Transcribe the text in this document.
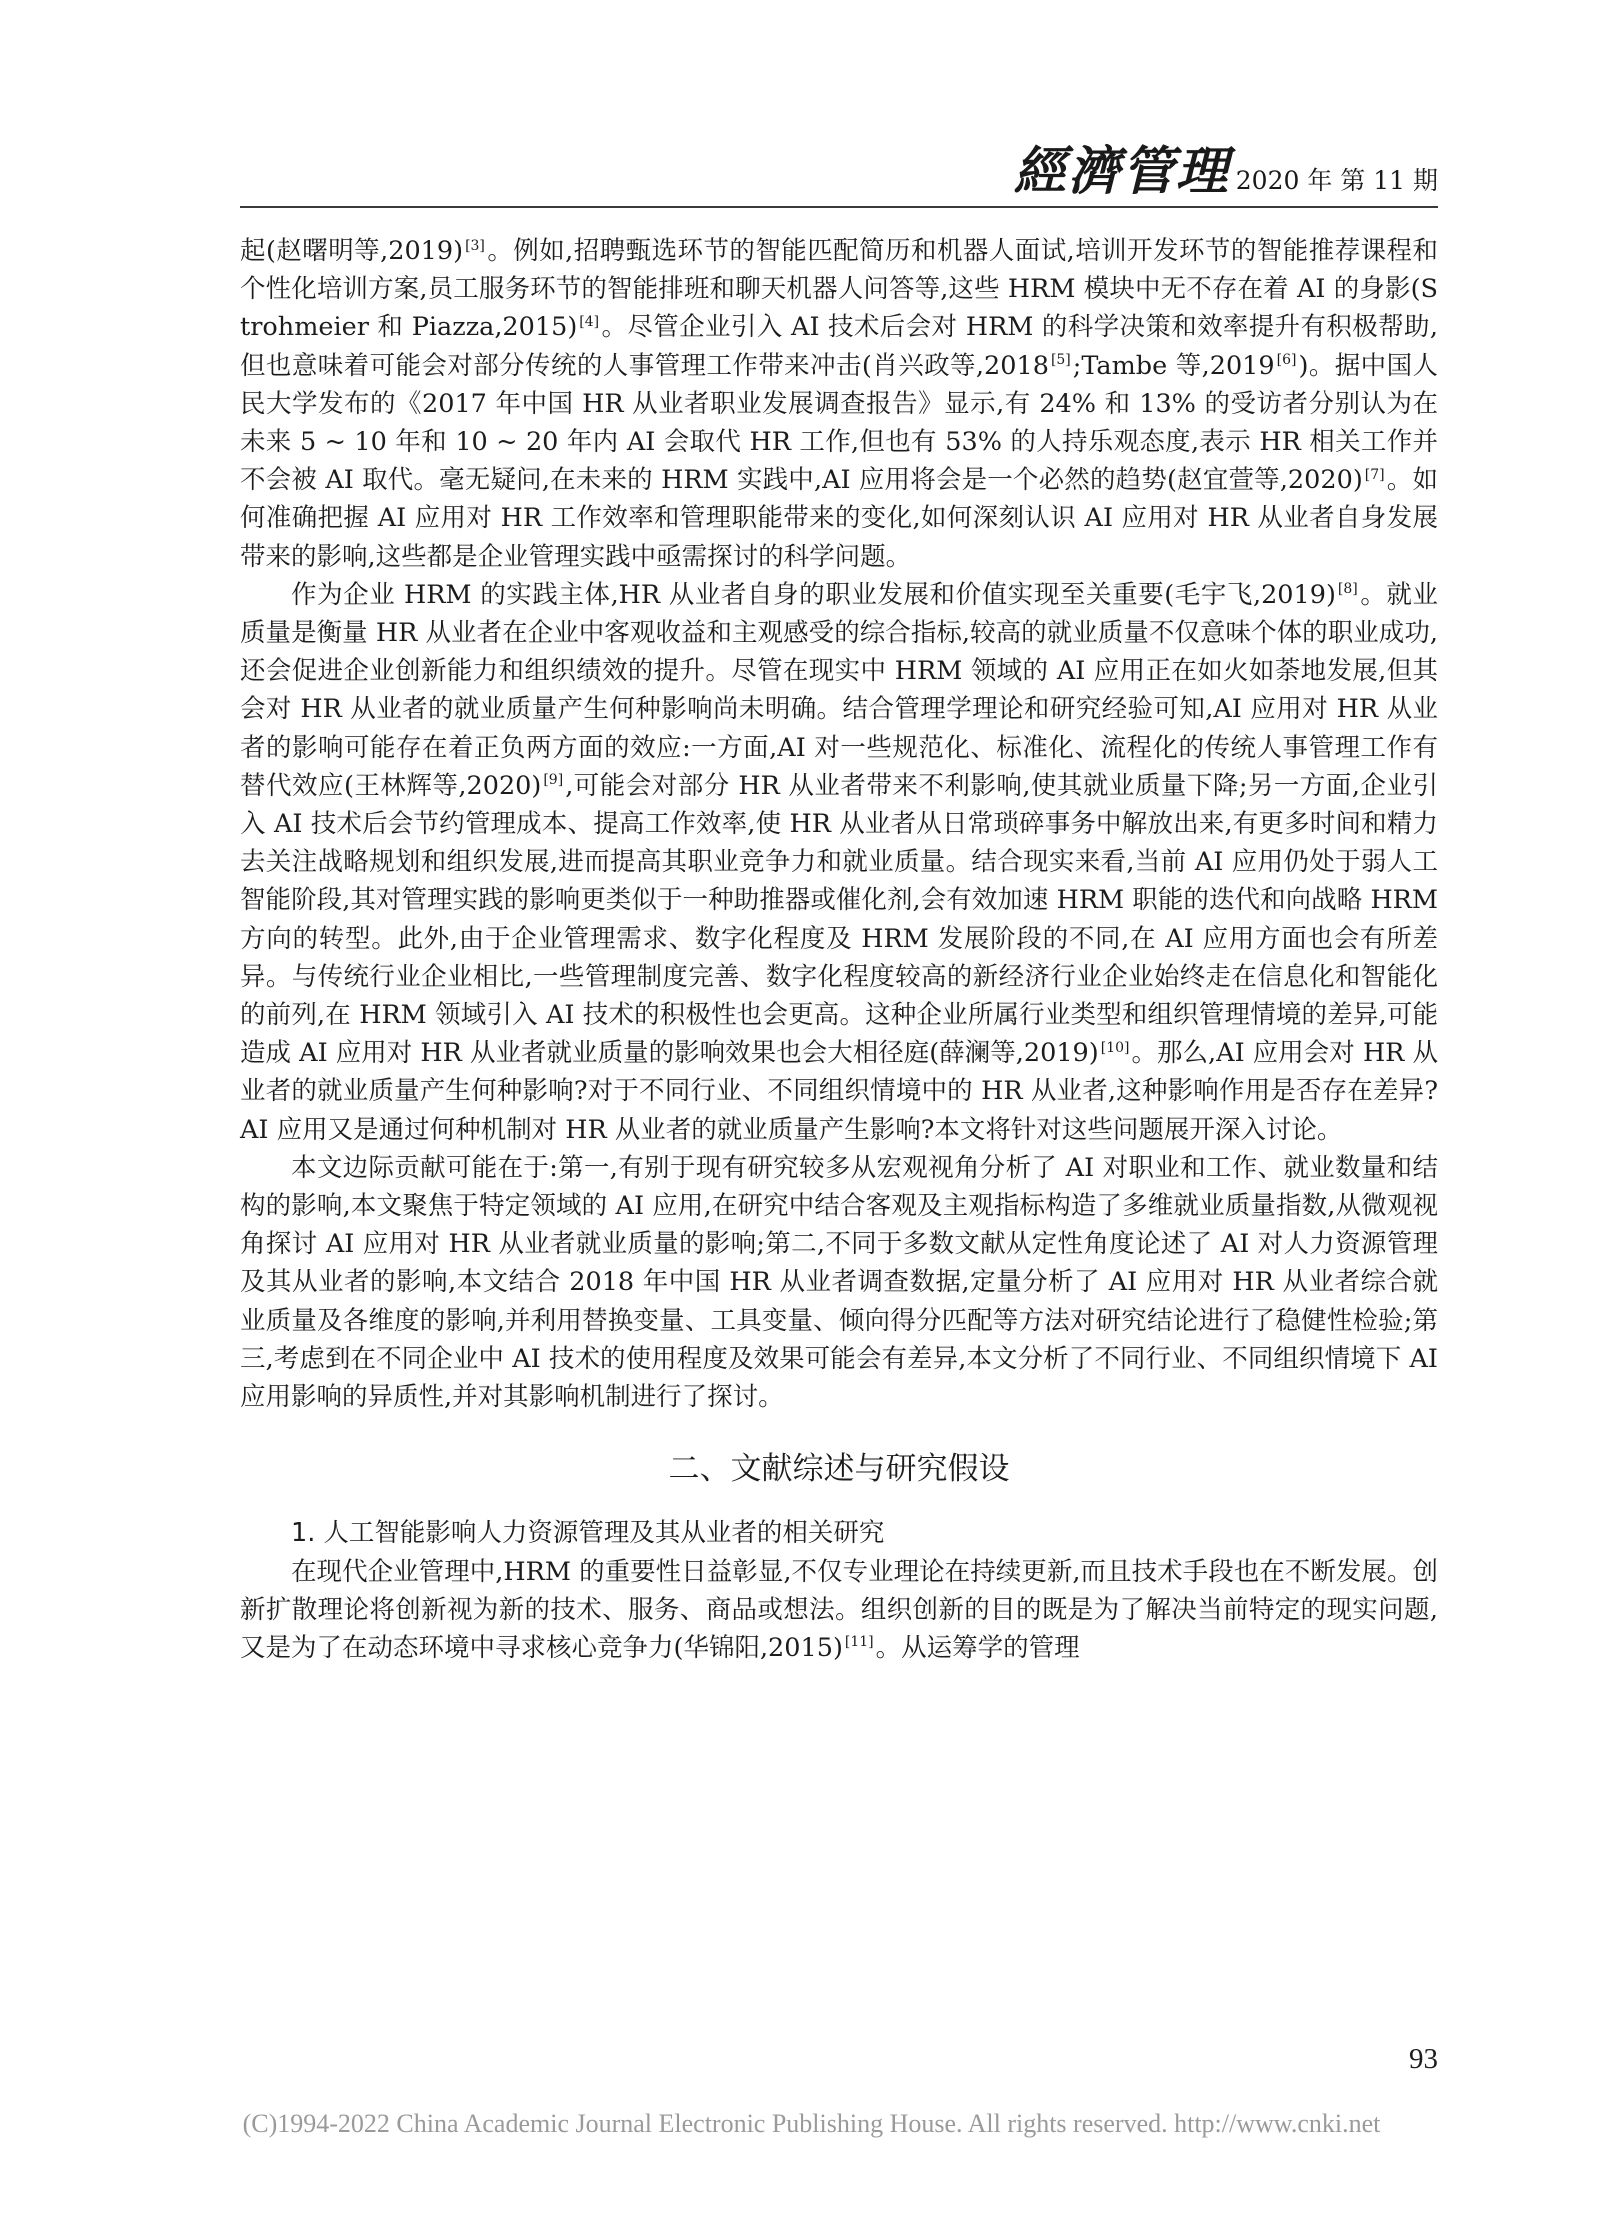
經濟管理 2020 年 第 11 期

起(赵曙明等,2019) [3]。例如,招聘甄选环节的智能匹配简历和机器人面试,培训开发环节的智能推荐课程和个性化培训方案,员工服务环节的智能排班和聊天机器人问答等,这些 HRM 模块中无不存在着 AI 的身影(Strohmeier 和 Piazza,2015) [4]。尽管企业引入 AI 技术后会对 HRM 的科学决策和效率提升有积极帮助,但也意味着可能会对部分传统的人事管理工作带来冲击(肖兴政等,2018 [5];Tambe 等,2019 [6])。据中国人民大学发布的《2017 年中国 HR 从业者职业发展调查报告》显示,有 24% 和 13% 的受访者分别认为在未来 5 ~ 10 年和 10 ~ 20 年内 AI 会取代 HR 工作,但也有 53% 的人持乐观态度,表示 HR 相关工作并不会被 AI 取代。毫无疑问,在未来的 HRM 实践中,AI 应用将会是一个必然的趋势(赵宜萱等,2020) [7]。如何准确把握 AI 应用对 HR 工作效率和管理职能带来的变化,如何深刻认识 AI 应用对 HR 从业者自身发展带来的影响,这些都是企业管理实践中亟需探讨的科学问题。

作为企业 HRM 的实践主体,HR 从业者自身的职业发展和价值实现至关重要(毛宇飞,2019) [8]。就业质量是衡量 HR 从业者在企业中客观收益和主观感受的综合指标,较高的就业质量不仅意味个体的职业成功,还会促进企业创新能力和组织绩效的提升。尽管在现实中 HRM 领域的 AI 应用正在如火如荼地发展,但其会对 HR 从业者的就业质量产生何种影响尚未明确。结合管理学理论和研究经验可知,AI 应用对 HR 从业者的影响可能存在着正负两方面的效应:一方面,AI 对一些规范化、标准化、流程化的传统人事管理工作有替代效应(王林辉等,2020) [9],可能会对部分 HR 从业者带来不利影响,使其就业质量下降;另一方面,企业引入 AI 技术后会节约管理成本、提高工作效率,使 HR 从业者从日常琐碎事务中解放出来,有更多时间和精力去关注战略规划和组织发展,进而提高其职业竞争力和就业质量。结合现实来看,当前 AI 应用仍处于弱人工智能阶段,其对管理实践的影响更类似于一种助推器或催化剂,会有效加速 HRM 职能的迭代和向战略 HRM 方向的转型。此外,由于企业管理需求、数字化程度及 HRM 发展阶段的不同,在 AI 应用方面也会有所差异。与传统行业企业相比,一些管理制度完善、数字化程度较高的新经济行业企业始终走在信息化和智能化的前列,在 HRM 领域引入 AI 技术的积极性也会更高。这种企业所属行业类型和组织管理情境的差异,可能造成 AI 应用对 HR 从业者就业质量的影响效果也会大相径庭(薛澜等,2019) [10]。那么,AI 应用会对 HR 从业者的就业质量产生何种影响?对于不同行业、不同组织情境中的 HR 从业者,这种影响作用是否存在差异?AI 应用又是通过何种机制对 HR 从业者的就业质量产生影响?本文将针对这些问题展开深入讨论。

本文边际贡献可能在于:第一,有别于现有研究较多从宏观视角分析了 AI 对职业和工作、就业数量和结构的影响,本文聚焦于特定领域的 AI 应用,在研究中结合客观及主观指标构造了多维就业质量指数,从微观视角探讨 AI 应用对 HR 从业者就业质量的影响;第二,不同于多数文献从定性角度论述了 AI 对人力资源管理及其从业者的影响,本文结合 2018 年中国 HR 从业者调查数据,定量分析了 AI 应用对 HR 从业者综合就业质量及各维度的影响,并利用替换变量、工具变量、倾向得分匹配等方法对研究结论进行了稳健性检验;第三,考虑到在不同企业中 AI 技术的使用程度及效果可能会有差异,本文分析了不同行业、不同组织情境下 AI 应用影响的异质性,并对其影响机制进行了探讨。

二、文献综述与研究假设

1. 人工智能影响人力资源管理及其从业者的相关研究

在现代企业管理中,HRM 的重要性日益彰显,不仅专业理论在持续更新,而且技术手段也在不断发展。创新扩散理论将创新视为新的技术、服务、商品或想法。组织创新的目的既是为了解决当前特定的现实问题,又是为了在动态环境中寻求核心竞争力(华锦阳,2015) [11]。从运筹学的管理

93
(C)1994-2022 China Academic Journal Electronic Publishing House. All rights reserved. http://www.cnki.net
